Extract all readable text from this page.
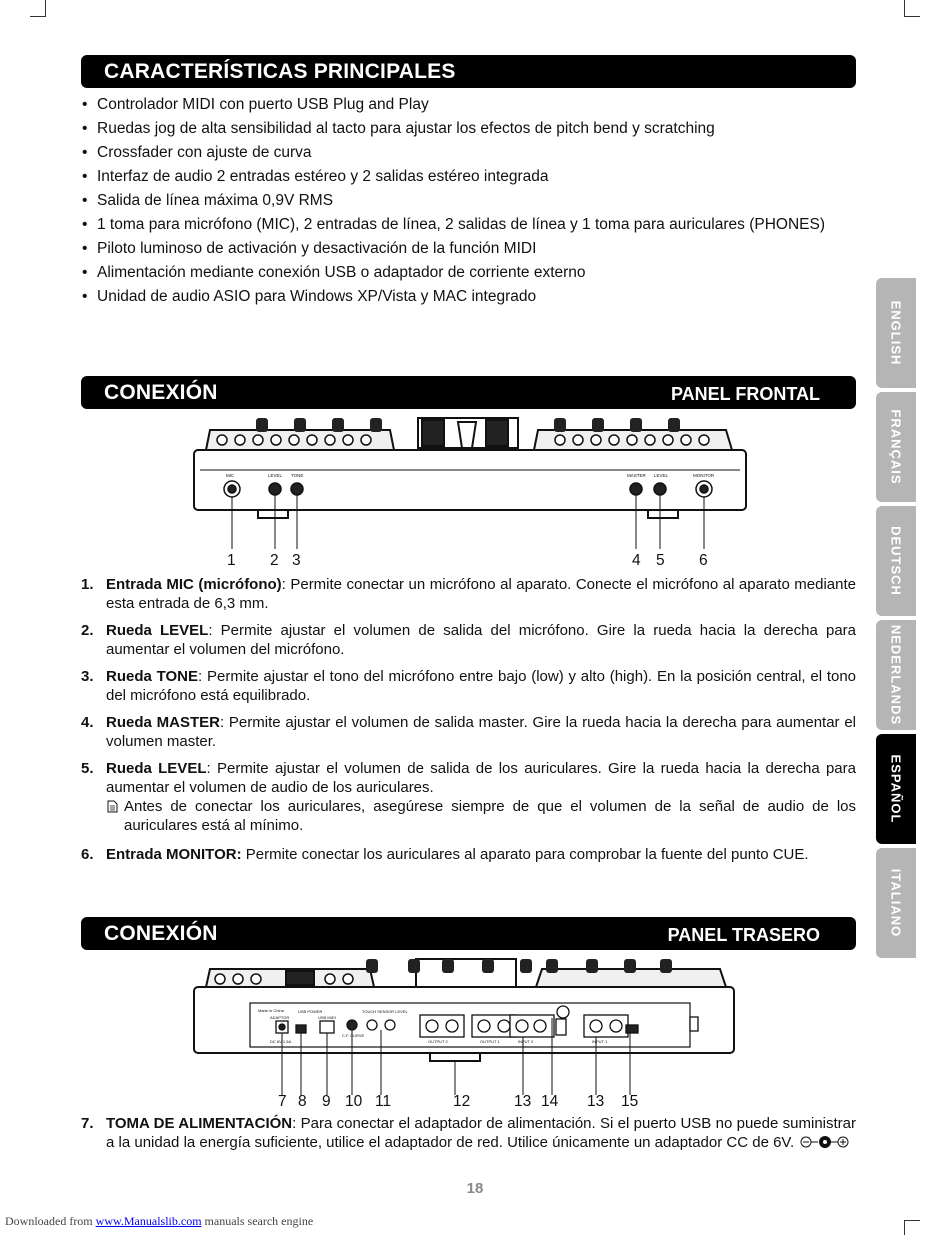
CARACTERÍSTICAS PRINCIPALES
• Controlador MIDI con puerto USB Plug and Play
• Ruedas jog de alta sensibilidad al tacto para ajustar los efectos de pitch bend y scratching
• Crossfader con ajuste de curva
• Interfaz de audio 2 entradas estéreo y 2 salidas estéreo integrada
• Salida de línea máxima 0,9V RMS
• 1 toma para micrófono (MIC), 2 entradas de línea, 2 salidas de línea y 1 toma para auriculares (PHONES)
• Piloto luminoso de activación y desactivación de la función MIDI
• Alimentación mediante conexión USB o adaptador de corriente externo
• Unidad de audio ASIO para Windows XP/Vista y MAC integrado
CONEXIÓN	PANEL FRONTAL
MIC	LEVEL TONE	MASTER LEVEL	MONITOR
1 2 3	4 5 6
1. Entrada MIC (micrófono): Permite conectar un micrófono al aparato. Conecte el micrófono al aparato mediante esta entrada de 6,3 mm.
2. Rueda LEVEL: Permite ajustar el volumen de salida del micrófono. Gire la rueda hacia la derecha para aumentar el volumen del micrófono.
3. Rueda TONE: Permite ajustar el tono del micrófono entre bajo (low) y alto (high). En la posición central, el tono del micrófono está equilibrado.
4. Rueda MASTER: Permite ajustar el volumen de salida master. Gire la rueda hacia la derecha para aumentar el volumen master.
5. Rueda LEVEL: Permite ajustar el volumen de salida de los auriculares. Gire la rueda hacia la derecha para aumentar el volumen de audio de los auriculares.
Antes de conectar los auriculares, asegúrese siempre de que el volumen de la señal de audio de los auriculares está al mínimo.
6. Entrada MONITOR: Permite conectar los auriculares al aparato para comprobar la fuente del punto CUE.
CONEXIÓN	PANEL TRASERO
Made in China
ADAPTOR
DC 6V 1.5A
USB POWER
USB MIDI
C.F. CURVE
TOUCH SENSOR LEVEL
OUTPUT 2	OUTPUT 1	INPUT 2	INPUT 1
7 8 9 10 11	12	13 14 13 15
7. TOMA DE ALIMENTACIÓN: Para conectar el adaptador de alimentación. Si el puerto USB no puede suministrar a la unidad la energía suficiente, utilice el adaptador de red. Utilice únicamente un adaptador CC de 6V.
ENGLISH
FRANÇAIS
DEUTSCH
NEDERLANDS
ESPAÑOL
ITALIANO
18
Downloaded from www.Manualslib.com manuals search engine
